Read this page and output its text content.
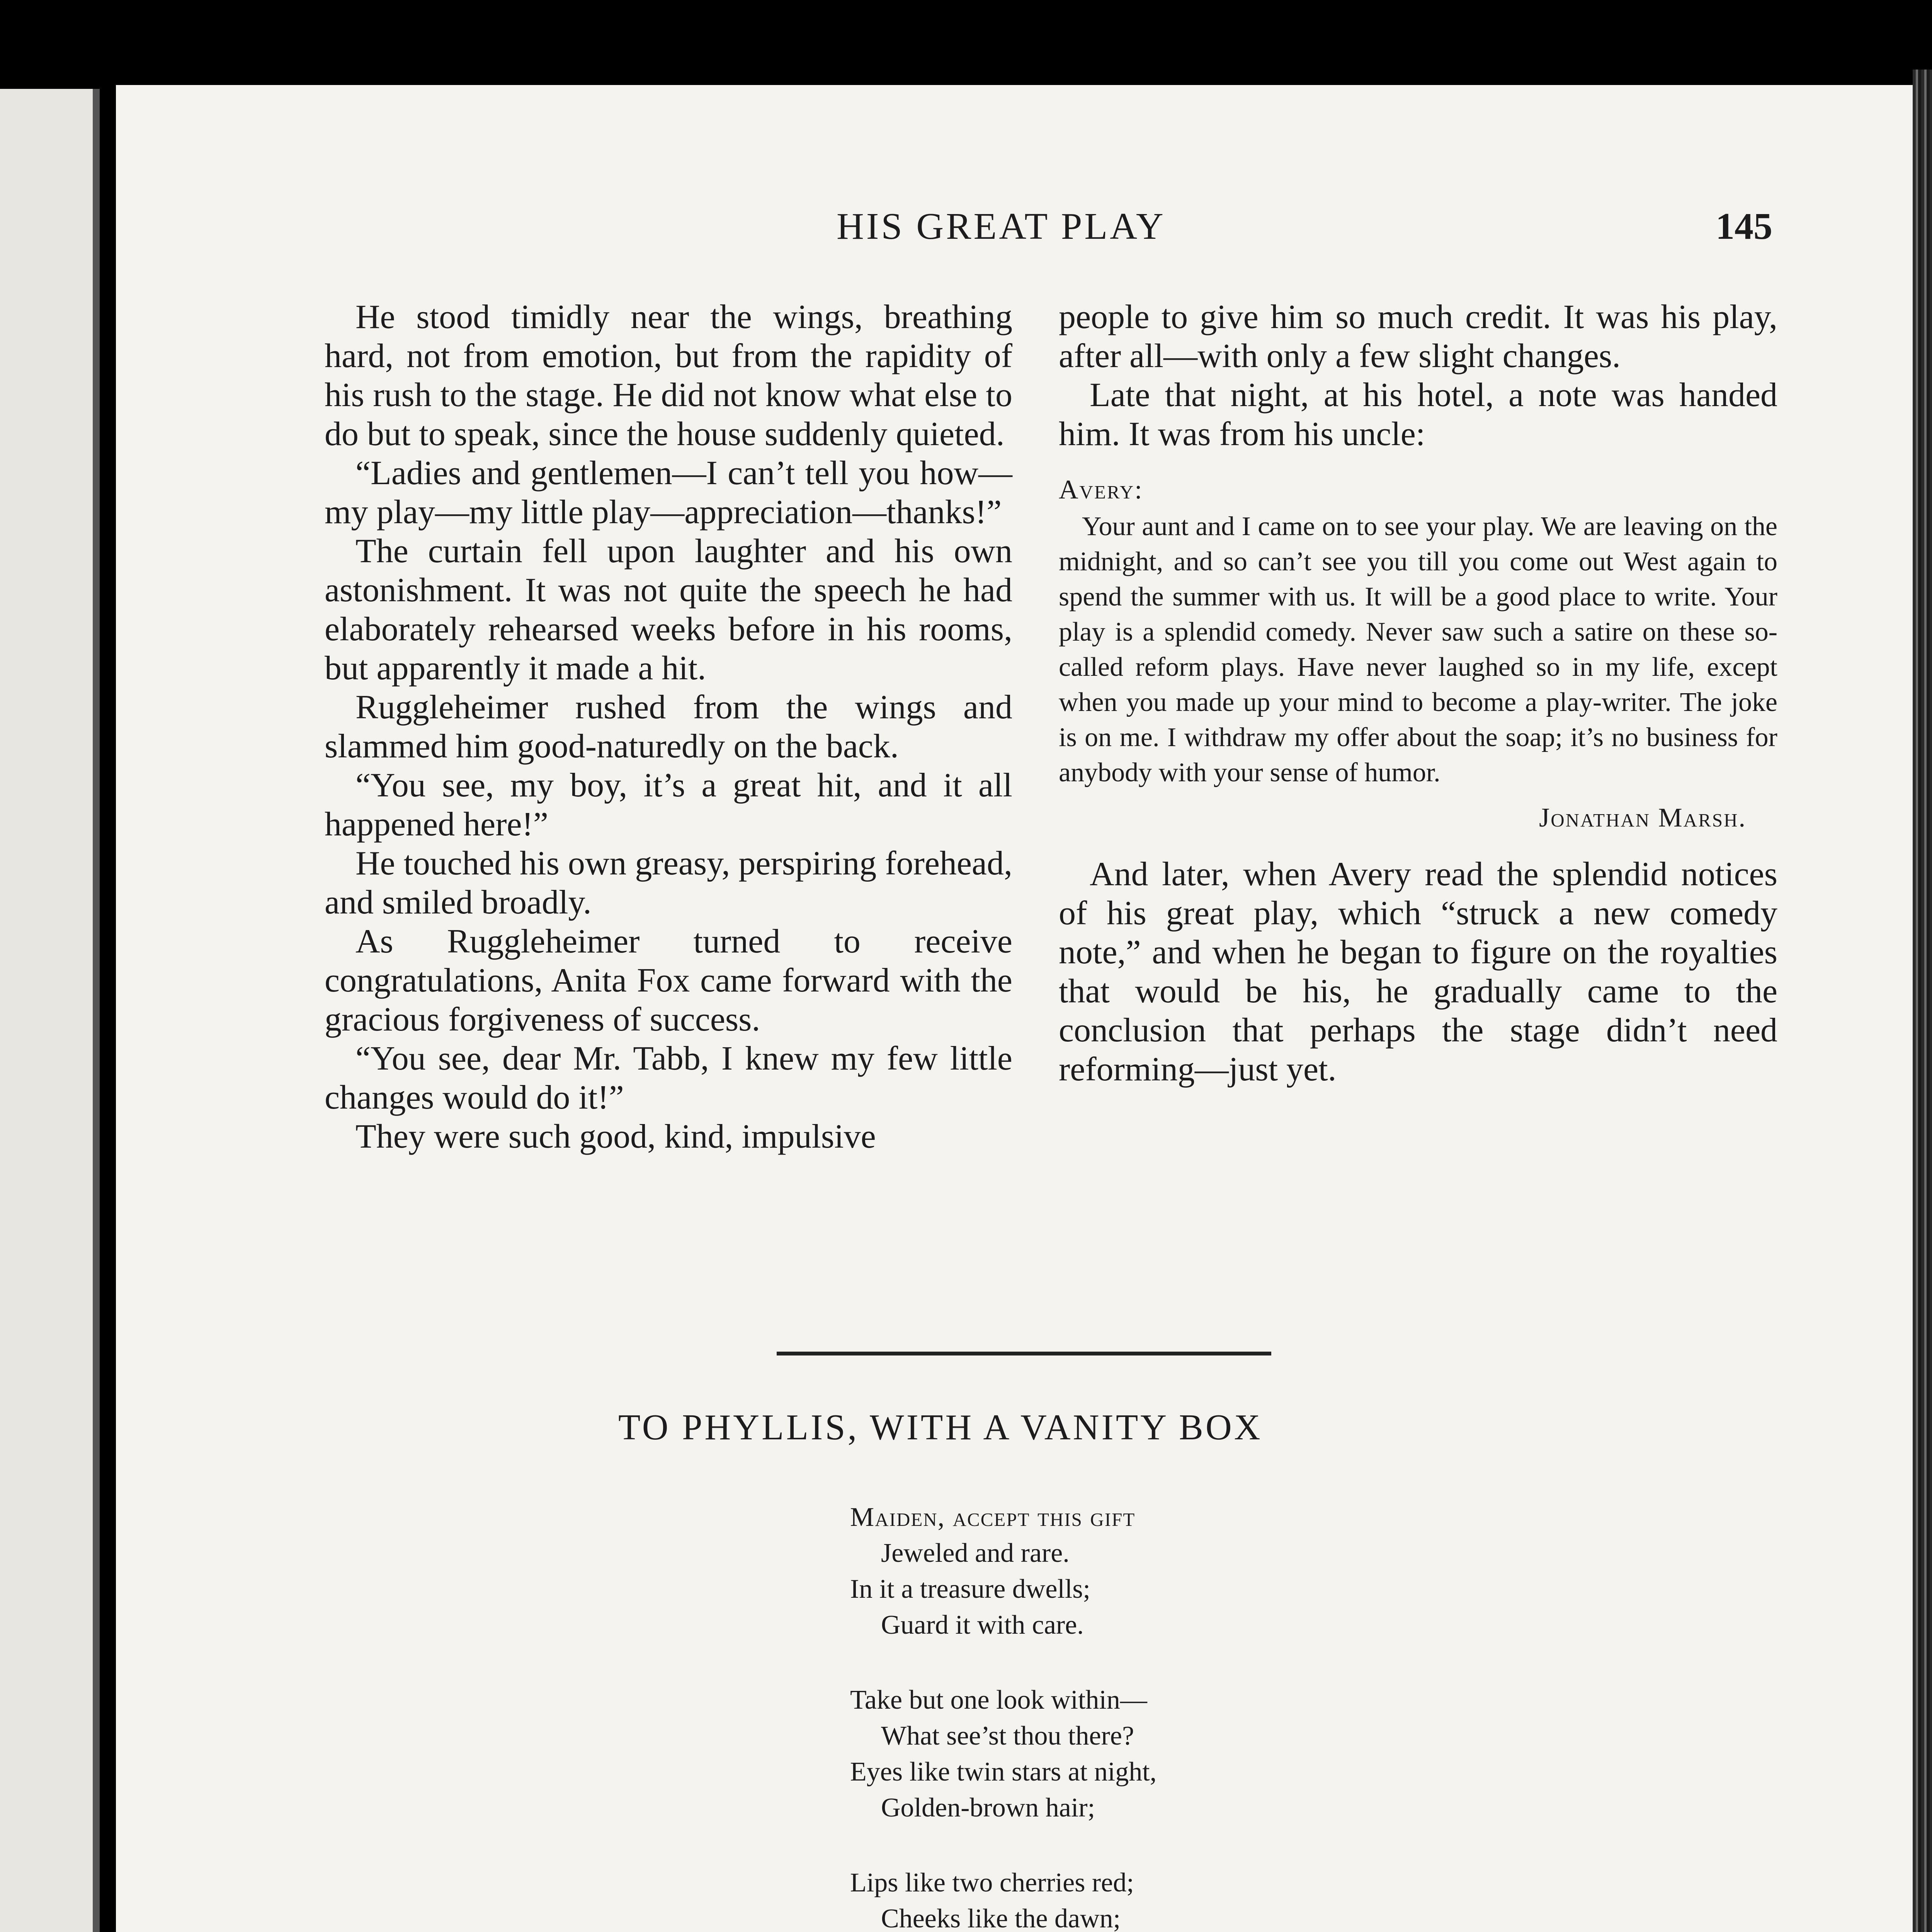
HIS GREAT PLAY	145

He stood timidly near the wings, breathing hard, not from emotion, but from the rapidity of his rush to the stage. He did not know what else to do but to speak, since the house suddenly quieted.

“Ladies and gentlemen—I can’t tell you how—my play—my little play—appreciation—thanks!”

The curtain fell upon laughter and his own astonishment. It was not quite the speech he had elaborately rehearsed weeks before in his rooms, but apparently it made a hit.

Ruggleheimer rushed from the wings and slammed him good-naturedly on the back.

“You see, my boy, it’s a great hit, and it all happened here!”

He touched his own greasy, perspiring forehead, and smiled broadly.

As Ruggleheimer turned to receive congratulations, Anita Fox came forward with the gracious forgiveness of success.

“You see, dear Mr. Tabb, I knew my few little changes would do it!”

They were such good, kind, impulsive

people to give him so much credit. It was his play, after all—with only a few slight changes.

Late that night, at his hotel, a note was handed him. It was from his uncle:

Avery:

Your aunt and I came on to see your play. We are leaving on the midnight, and so can’t see you till you come out West again to spend the summer with us. It will be a good place to write. Your play is a splendid comedy. Never saw such a satire on these so-called reform plays. Have never laughed so in my life, except when you made up your mind to become a play-writer. The joke is on me. I withdraw my offer about the soap; it’s no business for anybody with your sense of humor.

Jonathan Marsh.

And later, when Avery read the splendid notices of his great play, which “struck a new comedy note,” and when he began to figure on the royalties that would be his, he gradually came to the conclusion that perhaps the stage didn’t need reforming—just yet.

TO PHYLLIS, WITH A VANITY BOX
Maiden, accept this gift
Jeweled and rare.
In it a treasure dwells;
Guard it with care.
Take but one look within—
What see’st thou there?
Eyes like twin stars at night,
Golden-brown hair;
Lips like two cherries red;
Cheeks like the dawn;
